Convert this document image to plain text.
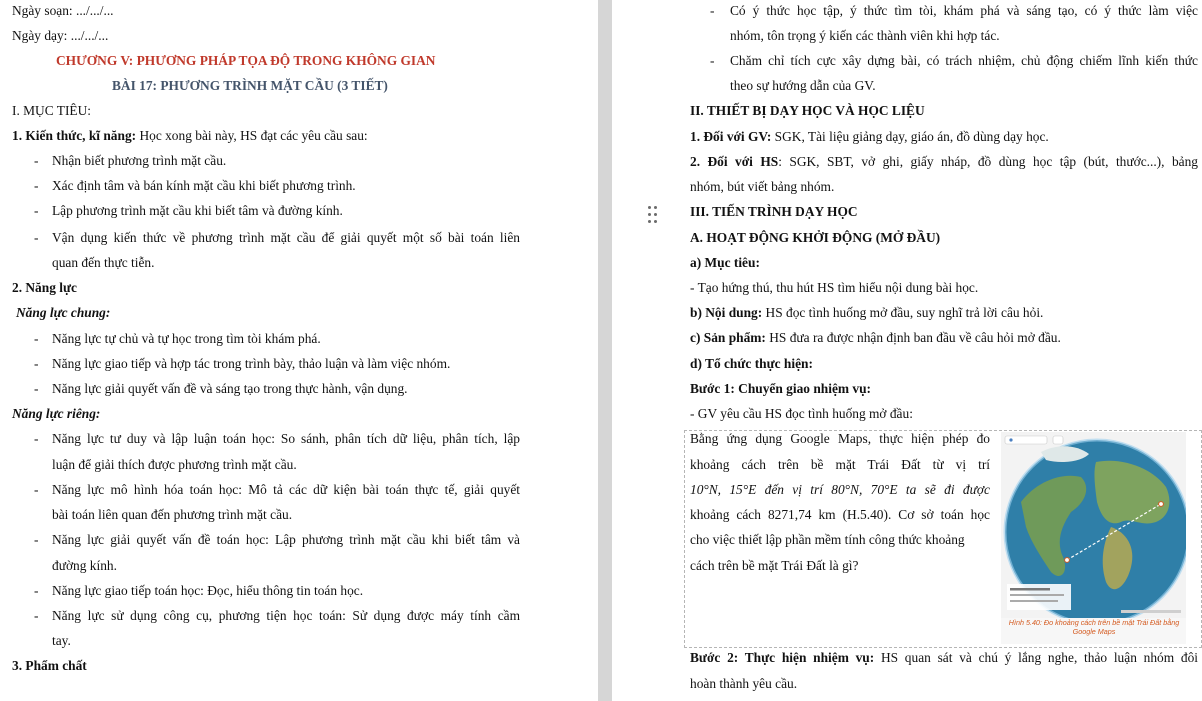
Ngày soạn: .../.../...
Ngày dạy: .../.../...
CHƯƠNG V: PHƯƠNG PHÁP TỌA ĐỘ TRONG KHÔNG GIAN
BÀI 17: PHƯƠNG TRÌNH MẶT CẦU (3 TIẾT)
I. MỤC TIÊU:
1. Kiến thức, kĩ năng: Học xong bài này, HS đạt các yêu cầu sau:
- Nhận biết phương trình mặt cầu.
- Xác định tâm và bán kính mặt cầu khi biết phương trình.
- Lập phương trình mặt cầu khi biết tâm và đường kính.
- Vận dụng kiến thức về phương trình mặt cầu để giải quyết một số bài toán liên
quan đến thực tiễn.
2. Năng lực
Năng lực chung:
- Năng lực tự chủ và tự học trong tìm tòi khám phá.
- Năng lực giao tiếp và hợp tác trong trình bày, thảo luận và làm việc nhóm.
- Năng lực giải quyết vấn đề và sáng tạo trong thực hành, vận dụng.
Năng lực riêng:
- Năng lực tư duy và lập luận toán học: So sánh, phân tích dữ liệu, phân tích, lập
luận để giải thích được phương trình mặt cầu.
- Năng lực mô hình hóa toán học: Mô tả các dữ kiện bài toán thực tế, giải quyết
bài toán liên quan đến phương trình mặt cầu.
- Năng lực giải quyết vấn đề toán học: Lập phương trình mặt cầu khi biết tâm và
đường kính.
- Năng lực giao tiếp toán học: Đọc, hiểu thông tin toán học.
- Năng lực sử dụng công cụ, phương tiện học toán: Sử dụng được máy tính cầm
tay.
3. Phẩm chất
- Có ý thức học tập, ý thức tìm tòi, khám phá và sáng tạo, có ý thức làm việc
nhóm, tôn trọng ý kiến các thành viên khi hợp tác.
- Chăm chỉ tích cực xây dựng bài, có trách nhiệm, chủ động chiếm lĩnh kiến thức
theo sự hướng dẫn của GV.
II. THIẾT BỊ DẠY HỌC VÀ HỌC LIỆU
1. Đối với GV: SGK, Tài liệu giảng dạy, giáo án, đồ dùng dạy học.
2. Đối với HS: SGK, SBT, vở ghi, giấy nháp, đồ dùng học tập (bút, thước...), bảng
nhóm, bút viết bảng nhóm.
III. TIẾN TRÌNH DẠY HỌC
A. HOẠT ĐỘNG KHỞI ĐỘNG (MỞ ĐẦU)
a) Mục tiêu:
- Tạo hứng thú, thu hút HS tìm hiểu nội dung bài học.
b) Nội dung: HS đọc tình huống mở đầu, suy nghĩ trả lời câu hỏi.
c) Sản phẩm: HS đưa ra được nhận định ban đầu về câu hỏi mở đầu.
d) Tổ chức thực hiện:
Bước 1: Chuyển giao nhiệm vụ:
- GV yêu cầu HS đọc tình huống mở đầu:
Bằng ứng dụng Google Maps, thực hiện phép đo
khoảng cách trên bề mặt Trái Đất từ vị trí
10°N, 15°E đến vị trí 80°N, 70°E ta sẽ đi được
khoảng cách 8271,74 km (H.5.40). Cơ sở toán học
cho việc thiết lập phần mềm tính công thức khoảng
cách trên bề mặt Trái Đất là gì?
Hình 5.40: Đo khoảng cách trên bề mặt Trái Đất bằng Google Maps
Bước 2: Thực hiện nhiệm vụ: HS quan sát và chú ý lắng nghe, thảo luận nhóm đôi
hoàn thành yêu cầu.
